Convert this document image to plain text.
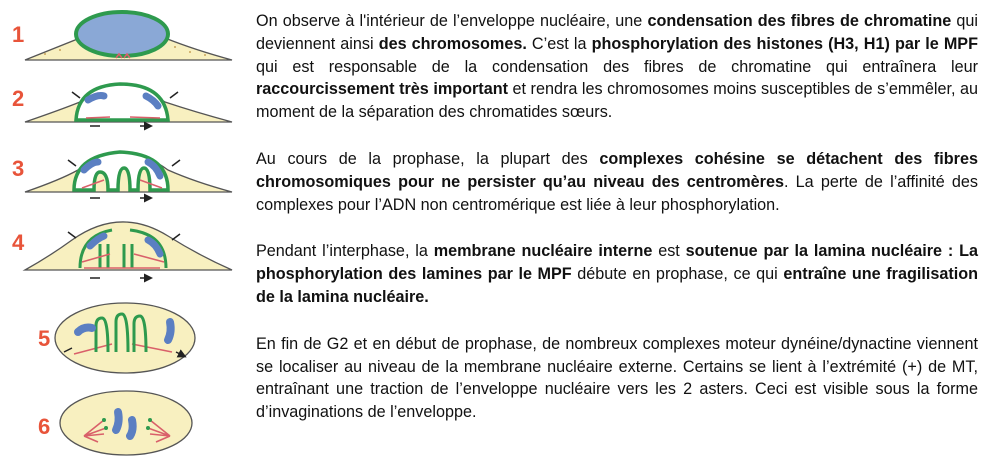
1
2
3
4
5
6

On observe à l'intérieur de l’enveloppe nucléaire, une condensation des fibres de chromatine qui deviennent ainsi des chromosomes. C’est la phosphorylation des histones (H3, H1) par le MPF qui est responsable de la condensation des fibres de chromatine qui entraînera leur raccourcissement très important et rendra les chromosomes moins susceptibles de s’emmêler, au moment de la séparation des chromatides sœurs.

Au cours de la prophase, la plupart des complexes cohésine se détachent des fibres chromosomiques pour ne persister qu’au niveau des centromères. La perte de l’affinité des complexes pour l’ADN non centromérique est liée à leur phosphorylation.

Pendant l’interphase, la membrane nucléaire interne est soutenue par la lamina nucléaire : La phosphorylation des lamines par le MPF débute en prophase, ce qui entraîne une fragilisation de la lamina nucléaire.

En fin de G2 et en début de prophase, de nombreux complexes moteur dynéine/dynactine viennent se localiser au niveau de la membrane nucléaire externe. Certains se lient à l’extrémité (+) de MT, entraînant une traction de l’enveloppe nucléaire vers les 2 asters. Ceci est visible sous la forme d’invaginations de l’enveloppe.
